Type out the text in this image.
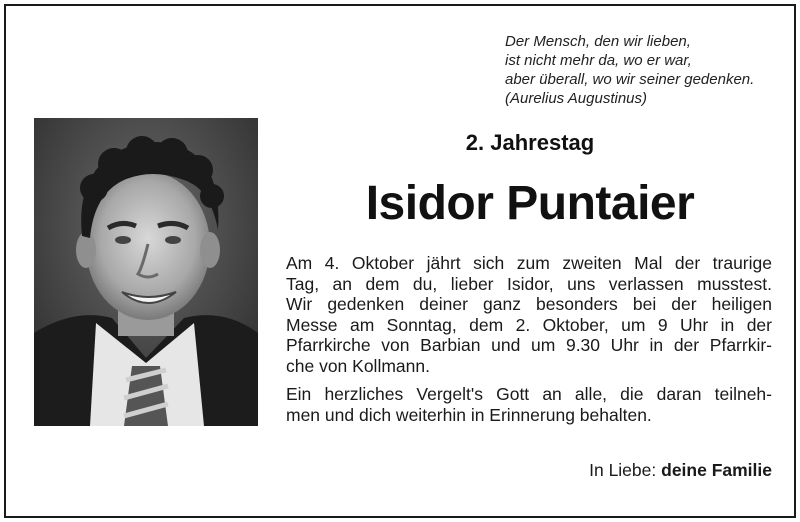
Der Mensch, den wir lieben,
ist nicht mehr da, wo er war,
aber überall, wo wir seiner gedenken.
(Aurelius Augustinus)
2. Jahrestag
Isidor Puntaier

Am 4. Oktober jährt sich zum zweiten Mal der traurige
Tag, an dem du, lieber Isidor, uns verlassen musstest.
Wir gedenken deiner ganz besonders bei der heiligen
Messe am Sonntag, dem 2. Oktober, um 9 Uhr in der
Pfarrkirche von Barbian und um 9.30 Uhr in der Pfarrkir-
che von Kollmann.

Ein herzliches Vergelt's Gott an alle, die daran teilneh-
men und dich weiterhin in Erinnerung behalten.

In Liebe: deine Familie
